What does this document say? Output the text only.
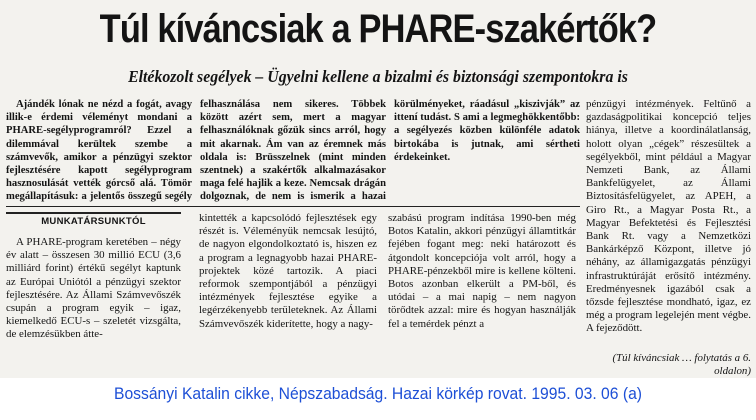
Túl kíváncsiak a PHARE-szakértők?
Eltékozolt segélyek – Ügyelni kellene a bizalmi és biztonsági szempontokra is

Ajándék lónak ne nézd a fogát, avagy illik-e érdemi véleményt mondani a PHARE-segélyprogramról? Ezzel a dilemmával kerültek szembe a számvevők, amikor a pénzügyi szektor fejlesztésére kapott segélyprogram hasznosulását vették górcső alá. Tömör megállapításuk: a jelentős összegű segély felhasználása nem sikeres. Többek között azért sem, mert a magyar felhasználóknak gőzük sincs arról, hogy mit akarnak. Ám van az éremnek más oldala is: Brüsszelnek (mint minden szentnek) a szakértők alkalmazásakor maga felé hajlik a keze. Nemcsak drágán dolgoznak, de nem is ismerik a hazai körülményeket, ráadásul „kiszivják” az ittení tudást. S ami a legmeghökkentőbb: a segélyezés közben különféle adatok birtokába is jutnak, ami sértheti érdekeinket.

MUNKATÁRSUNKTÓL

A PHARE-program keretében – négy év alatt – összesen 30 millió ECU (3,6 milliárd forint) értékű segélyt kaptunk az Európai Uniótól a pénzügyi szektor fejlesztésére. Az Állami Számvevőszék csupán a program egyik – igaz, kiemelkedő ECU-s – szeletét vizsgálta, de elemzésükben átte-

kintették a kapcsolódó fejlesztések egy részét is. Véleményük nemcsak lesújtó, de nagyon elgondolkoztató is, hiszen ez a program a legnagyobb hazai PHARE-projektek közé tartozik. A piaci reformok szempontjából a pénzügyi intézmények fejlesztése egyike a legérzékenyebb területeknek. Az Állami Számvevőszék kiderítette, hogy a nagy-

szabású program indítása 1990-ben még Botos Katalin, akkori pénzügyi államtitkár fejében fogant meg: neki határozott és átgondolt koncepciója volt arról, hogy a PHARE-pénzekből mire is kellene költeni. Botos azonban elkerült a PM-ből, és utódai – a mai napig – nem nagyon törődtek azzal: mire és hogyan használják fel a temérdek pénzt a

pénzügyi intézmények. Feltűnő a gazdaságpolitikai koncepció teljes hiánya, illetve a koordinálatlanság, holott olyan „cégek” részesültek a segélyekből, mint például a Magyar Nemzeti Bank, az Állami Bankfelügyelet, az Állami Biztosításfelügyelet, az APEH, a Giro Rt., a Magyar Posta Rt., a Magyar Befektetési és Fejlesztési Bank Rt. vagy a Nemzetközi Bankárképző Központ, illetve jó néhány, az államigazgatás pénzügyi infrastruktúráját erősítő intézmény. Eredményesnek igazából csak a tőzsde fejlesztése mondható, igaz, ez még a program legelején ment végbe. A fejeződött.

(Túl kíváncsiak … folytatás a 6. oldalon)
Bossányi Katalin cikke, Népszabadság. Hazai körkép rovat. 1995. 03. 06 (a)
